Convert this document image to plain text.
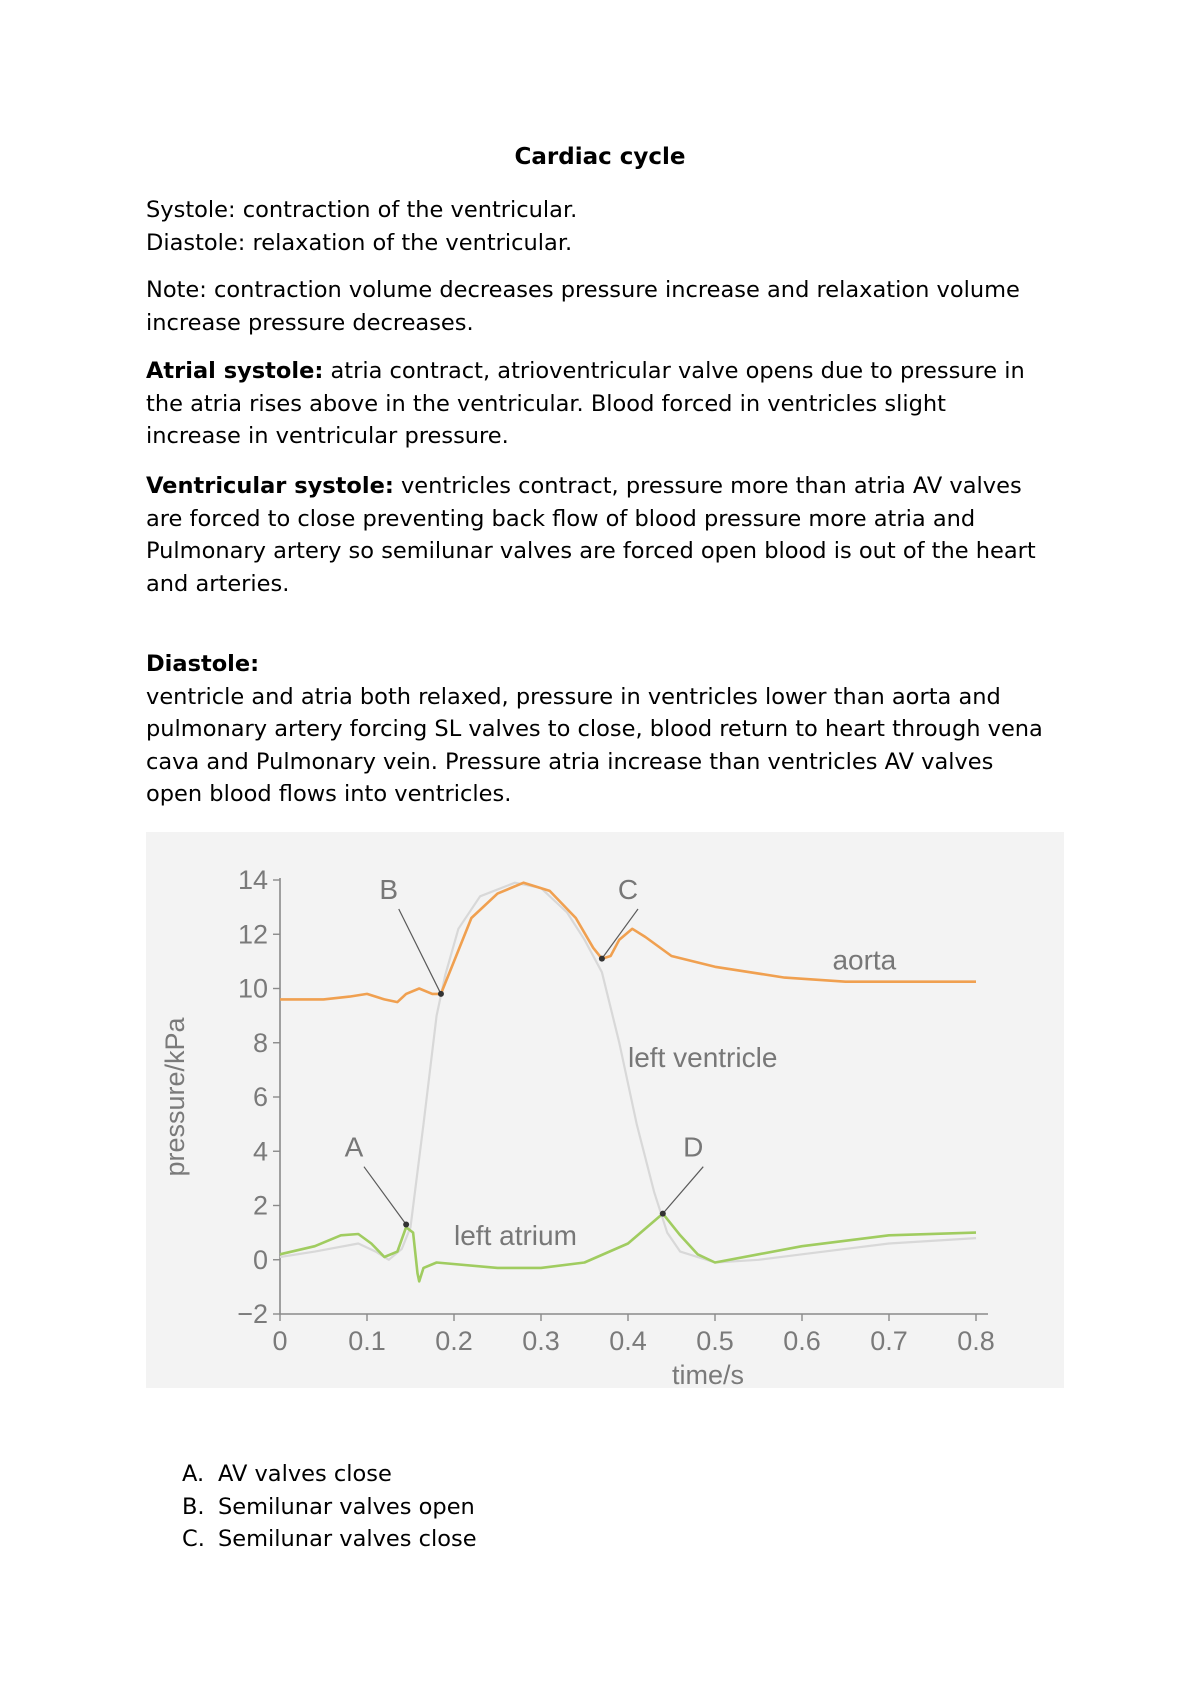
Cardiac cycle

Systole: contraction of the ventricular.

Diastole: relaxation of the ventricular.

Note: contraction volume decreases pressure increase and relaxation volume increase pressure decreases.

Atrial systole: atria contract, atrioventricular valve opens due to pressure in the atria rises above in the ventricular. Blood forced in ventricles slight increase in ventricular pressure.

Ventricular systole: ventricles contract, pressure more than atria AV valves are forced to close preventing back flow of blood pressure more atria and Pulmonary artery so semilunar valves are forced open blood is out of the heart and arteries.

Diastole:

ventricle and atria both relaxed, pressure in ventricles lower than aorta and pulmonary artery forcing SL valves to close, blood return to heart through vena cava and Pulmonary vein. Pressure atria increase than ventricles AV valves open blood flows into ventricles.

0 0.1 0.2 0.3 0.4 0.5 0.6 0.7 0.8
14
12
10
8
6
4
2
0
−2
pressure/kPa
time/s
aorta
left ventricle
left atrium
A
B	C
D
A. AV valves close
B. Semilunar valves open
C. Semilunar valves close
